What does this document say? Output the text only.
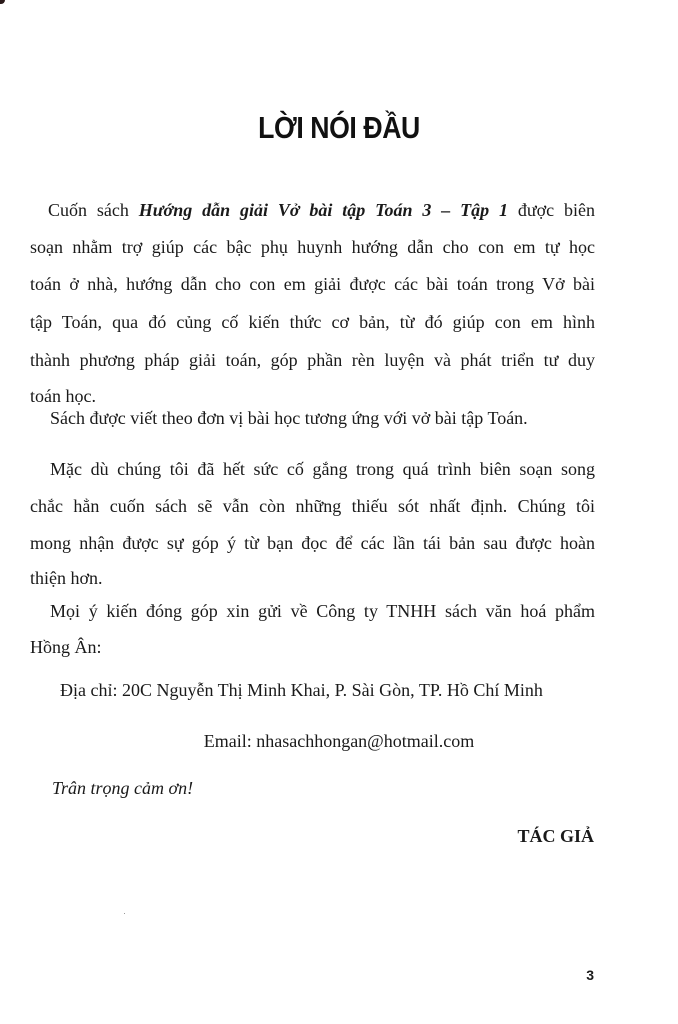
LỜI NÓI ĐẦU
Cuốn sách Hướng dẫn giải Vở bài tập Toán 3 – Tập 1 được biên
soạn nhằm trợ giúp các bậc phụ huynh hướng dẫn cho con em tự học
toán ở nhà, hướng dẫn cho con em giải được các bài toán trong Vở bài
tập Toán, qua đó củng cố kiến thức cơ bản, từ đó giúp con em hình
thành phương pháp giải toán, góp phần rèn luyện và phát triển tư duy
toán học.
Sách được viết theo đơn vị bài học tương ứng với vở bài tập Toán.
Mặc dù chúng tôi đã hết sức cố gắng trong quá trình biên soạn song
chắc hẳn cuốn sách sẽ vẫn còn những thiếu sót nhất định. Chúng tôi
mong nhận được sự góp ý từ bạn đọc để các lần tái bản sau được hoàn
thiện hơn.
Mọi ý kiến đóng góp xin gửi về Công ty TNHH sách văn hoá phẩm
Hồng Ân:
Địa chỉ: 20C Nguyễn Thị Minh Khai, P. Sài Gòn, TP. Hồ Chí Minh
Email: nhasachhongan@hotmail.com
Trân trọng cảm ơn!
TÁC GIẢ
3
